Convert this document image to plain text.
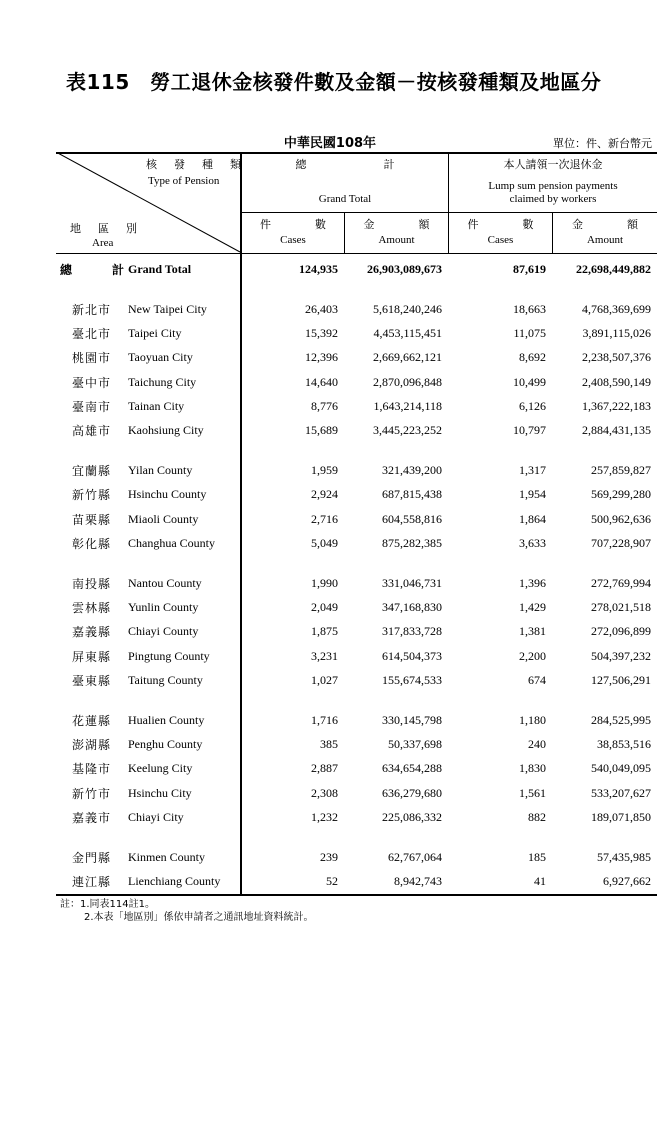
表115　勞工退休金核發件數及金額－按核發種類及地區分
中華民國108年	單位：件、新台幣元
核　發　種　類
Type of Pension
地　區　別
Area
總　　　　　　　計
Grand Total
本人請領一次退休金
Lump sum pension payments
claimed by workers
件　　　　數
Cases
金　　　　額
Amount
件　　　　數
Cases
金　　　　額
Amount
總　計
Grand Total	124,935 26,903,089,673	87,619	22,698,449,882
新北市 New Taipei City	26,403	5,618,240,246	18,663	4,768,369,699
臺北市 Taipei City	15,392	4,453,115,451	11,075	3,891,115,026
桃園市 Taoyuan City	12,396	2,669,662,121	8,692	2,238,507,376
臺中市 Taichung City	14,640	2,870,096,848	10,499	2,408,590,149
臺南市 Tainan City	8,776	1,643,214,118	6,126	1,367,222,183
高雄市 Kaohsiung City	15,689	3,445,223,252	10,797	2,884,431,135
宜蘭縣 Yilan County	1,959	321,439,200	1,317	257,859,827
新竹縣 Hsinchu County	2,924	687,815,438	1,954	569,299,280
苗栗縣 Miaoli County	2,716	604,558,816	1,864	500,962,636
彰化縣 Changhua County	5,049	875,282,385	3,633	707,228,907
南投縣 Nantou County	1,990	331,046,731	1,396	272,769,994
雲林縣 Yunlin County	2,049	347,168,830	1,429	278,021,518
嘉義縣 Chiayi County	1,875	317,833,728	1,381	272,096,899
屏東縣 Pingtung County	3,231	614,504,373	2,200	504,397,232
臺東縣 Taitung County	1,027	155,674,533	674	127,506,291
花蓮縣 Hualien County	1,716	330,145,798	1,180	284,525,995
澎湖縣 Penghu County	385	50,337,698	240	38,853,516
基隆市 Keelung City	2,887	634,654,288	1,830	540,049,095
新竹市 Hsinchu City	2,308	636,279,680	1,561	533,207,627
嘉義市 Chiayi City	1,232	225,086,332	882	189,071,850
金門縣 Kinmen County	239	62,767,064	185	57,435,985
連江縣 Lienchiang County	52	8,942,743	41	6,927,662
註：1.同表114註1。
2.本表「地區別」係依申請者之通訊地址資料統計。
